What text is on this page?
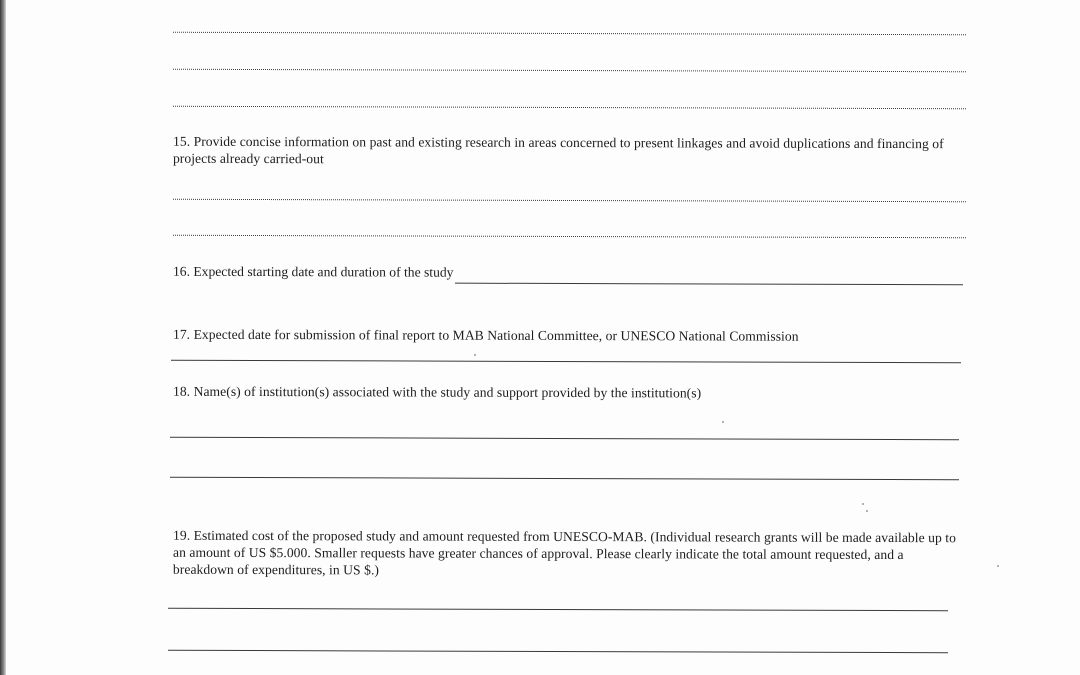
15. Provide concise information on past and existing research in areas concerned to present linkages and avoid duplications and financing of projects already carried-out
16. Expected starting date and duration of the study
17. Expected date for submission of final report to MAB National Committee, or UNESCO National Commission
18. Name(s) of institution(s) associated with the study and support provided by the institution(s)
19. Estimated cost of the proposed study and amount requested from UNESCO-MAB. (Individual research grants will be made available up to an amount of US $5.000. Smaller requests have greater chances of approval. Please clearly indicate the total amount requested, and a breakdown of expenditures, in US $.)
